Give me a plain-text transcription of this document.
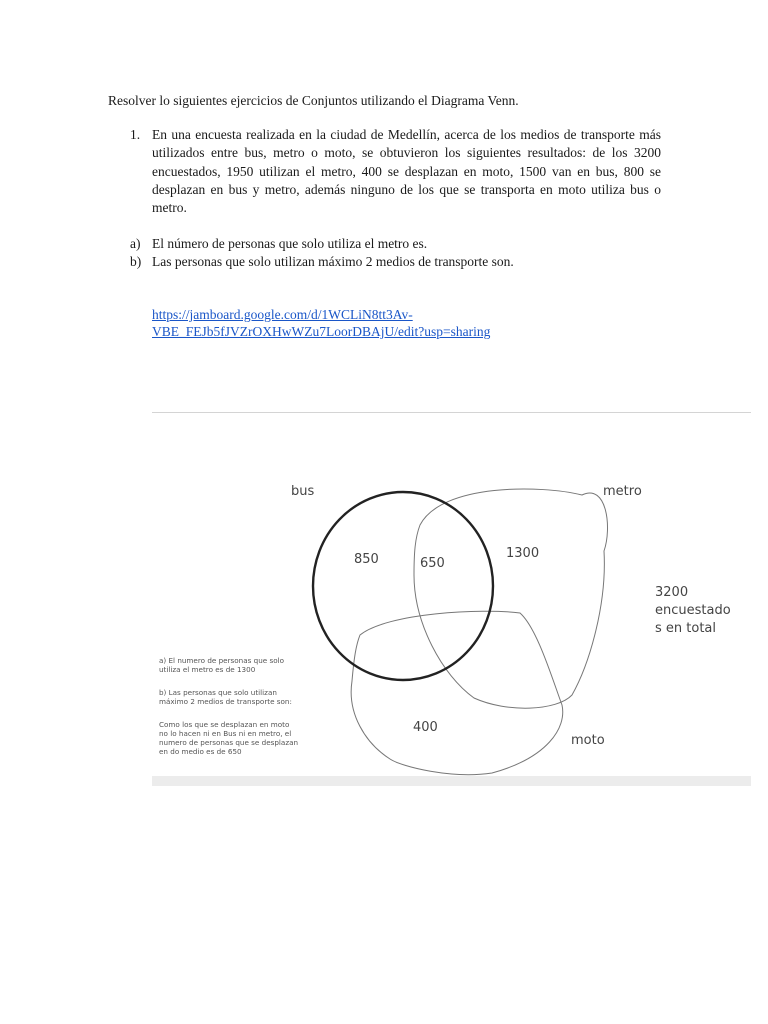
Resolver lo siguientes ejercicios de Conjuntos utilizando el Diagrama Venn.
1. En una encuesta realizada en la ciudad de Medellín, acerca de los medios de transporte más utilizados entre bus, metro o moto, se obtuvieron los siguientes resultados: de los 3200 encuestados, 1950 utilizan el metro, 400 se desplazan en moto, 1500 van en bus, 800 se desplazan en bus y metro, además ninguno de los que se transporta en moto utiliza bus o metro.
a) El número de personas que solo utiliza el metro es.
b) Las personas que solo utilizan máximo 2 medios de transporte son.
https://jamboard.google.com/d/1WCLiN8tt3Av-
VBE_FEJb5fJVZrOXHwWZu7LoorDBAjU/edit?usp=sharing
bus	metro
moto
850	650
1300
400
3200
encuestado
s en total
a) El numero de personas que solo
utiliza el metro es de 1300
b) Las personas que solo utilizan
máximo 2 medios de transporte son:
Como los que se desplazan en moto
no lo hacen ni en Bus ni en metro, el
numero de personas que se desplazan
en do medio es de 650
